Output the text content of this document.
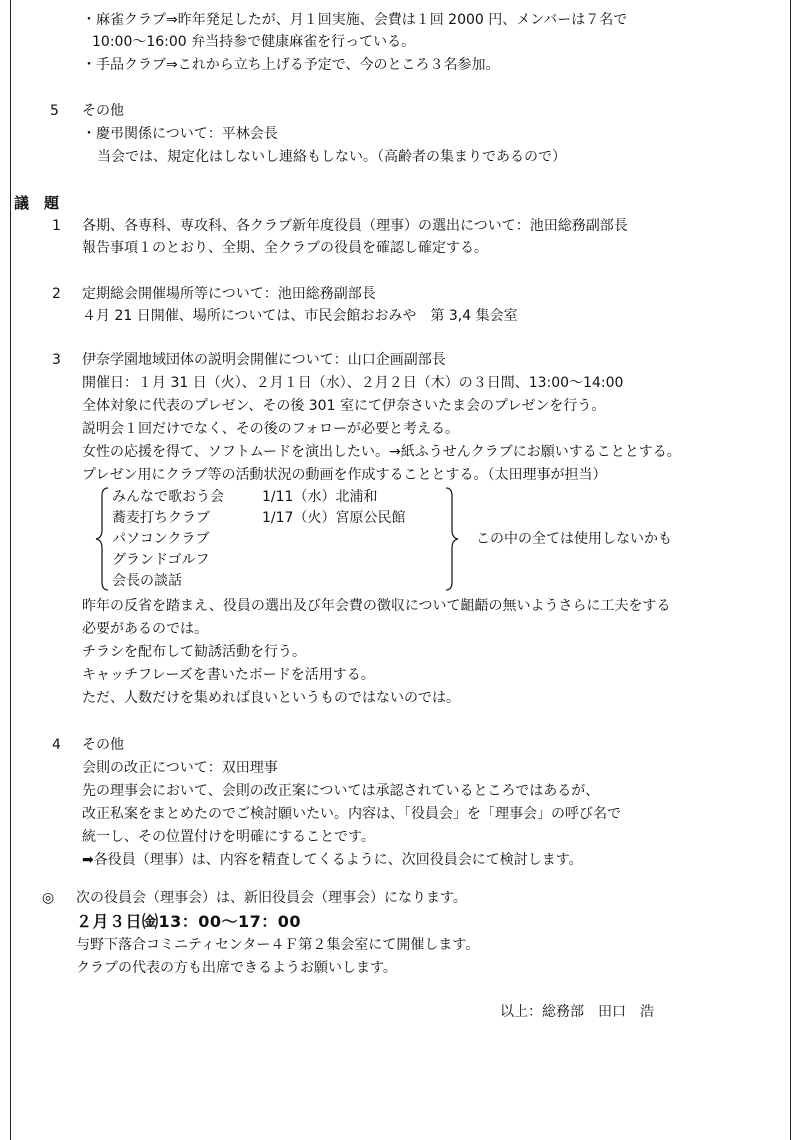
・麻雀クラブ⇒昨年発足したが、月１回実施、会費は１回 2000 円、メンバーは７名で
10:00～16:00 弁当持参で健康麻雀を行っている。
・手品クラブ⇒これから立ち上げる予定で、今のところ３名参加。
5 その他
・慶弔関係について：平林会長
当会では、規定化はしないし連絡もしない。（高齢者の集まりであるので）
議　題
1 各期、各専科、専攻科、各クラブ新年度役員（理事）の選出について：池田総務副部長
報告事項１のとおり、全期、全クラブの役員を確認し確定する。
2 定期総会開催場所等について：池田総務副部長
４月 21 日開催、場所については、市民会館おおみや　第 3,4 集会室
3 伊奈学園地域団体の説明会開催について：山口企画副部長
開催日：１月 31 日（火）、２月１日（水）、２月２日（木）の３日間、13:00～14:00
全体対象に代表のプレゼン、その後 301 室にて伊奈さいたま会のプレゼンを行う。
説明会１回だけでなく、その後のフォローが必要と考える。
女性の応援を得て、ソフトムードを演出したい。→紙ふうせんクラブにお願いすることとする。
プレゼン用にクラブ等の活動状況の動画を作成することとする。（太田理事が担当）
みんなで歌おう会	1/11（水）北浦和
蕎麦打ちクラブ	1/17（火）宮原公民館
パソコンクラブ
グランドゴルフ
会長の談話
この中の全ては使用しないかも
昨年の反省を踏まえ、役員の選出及び年会費の徴収について齟齬の無いようさらに工夫をする
必要があるのでは。
チラシを配布して勧誘活動を行う。
キャッチフレーズを書いたボードを活用する。
ただ、人数だけを集めれば良いというものではないのでは。
4 その他
会則の改正について：双田理事
先の理事会において、会則の改正案については承認されているところではあるが、
改正私案をまとめたのでご検討願いたい。内容は、「役員会」を「理事会」の呼び名で
統一し、その位置付けを明確にすることです。
➡各役員（理事）は、内容を精査してくるように、次回役員会にて検討します。
◎ 次の役員会（理事会）は、新旧役員会（理事会）になります。
２月３日㈮13：00～17：00
与野下落合コミニティセンター４Ｆ第２集会室にて開催します。
クラブの代表の方も出席できるようお願いします。
以上：総務部　田口　浩
